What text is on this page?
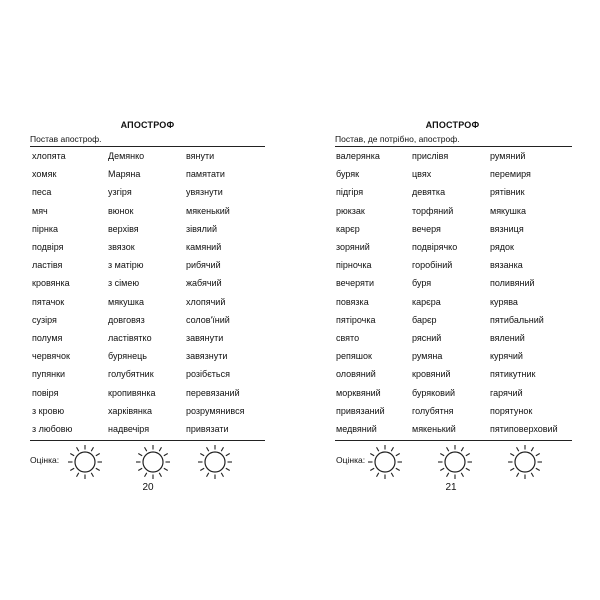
АПОСТРОФ
Постав апостроф.
Оцінка:
20
хлопята
хомяк
песа
мяч
пірнка
подвіря
ластівя
кровянка
пятачок
сузіря
полумя
червячок
пупянки
повіря
з кровю
з любовю
Демянко
Маряна
узгіря
вюнок
верхівя
звязок
з матірю
з сімею
мякушка
довговяз
ластівятко
бурянець
голубятник
кропивянка
харківянка
надвечіря
вянути
памятати
увязнути
мякенький
зівялий
камяний
рибячий
жабячий
хлопячий
солов'їний
завянути
завязнути
розібється
перевязаний
розрумянився
привязати
АПОСТРОФ
Постав, де потрібно, апостроф.
Оцінка:
21
валерянка
буряк
підгіря
рюкзак
карєр
зоряний
пірночка
вечеряти
повязка
пятірочка
свято
репяшок
оловяний
морквяний
привязаний
медвяний
прислівя
цвях
девятка
торфяний
вечеря
подвірячко
горобіний
буря
карєра
барєр
рясний
румяна
кровяний
буряковий
голубятня
мякенький
румяний
перемиря
рятівник
мякушка
вязниця
рядок
вязанка
поливяний
курява
пятибальний
вялений
курячий
пятикутник
гарячий
порятунок
пятиповерховий
